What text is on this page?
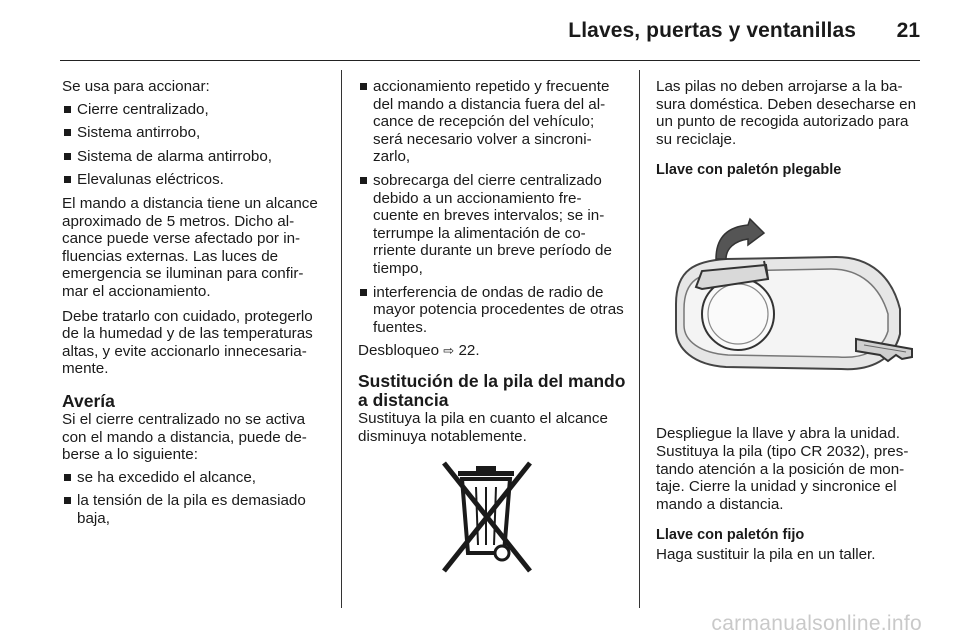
Llaves, puertas y ventanillas 21

Se usa para accionar:

Cierre centralizado,
Sistema antirrobo,
Sistema de alarma antirrobo,
Elevalunas eléctricos.

El mando a distancia tiene un alcance aproximado de 5 metros. Dicho al-cance puede verse afectado por in-fluencias externas. Las luces de emergencia se iluminan para confir-mar el accionamiento.

Debe tratarlo con cuidado, protegerlo de la humedad y de las temperaturas altas, y evite accionarlo innecesaria-mente.

Avería

Si el cierre centralizado no se activa con el mando a distancia, puede de-berse a lo siguiente:

se ha excedido el alcance,
la tensión de la pila es demasiado baja,
accionamiento repetido y frecuente del mando a distancia fuera del al-cance de recepción del vehículo; será necesario volver a sincroni-zarlo,
sobrecarga del cierre centralizado debido a un accionamiento fre-cuente en breves intervalos; se in-terrumpe la alimentación de co-rriente durante un breve período de tiempo,
interferencia de ondas de radio de mayor potencia procedentes de otras fuentes.

Desbloqueo ⇨ 22.

Sustitución de la pila del mando a distancia

Sustituya la pila en cuanto el alcance disminuya notablemente.

Las pilas no deben arrojarse a la ba-sura doméstica. Deben desecharse en un punto de recogida autorizado para su reciclaje.

Llave con paletón plegable

Despliegue la llave y abra la unidad. Sustituya la pila (tipo CR 2032), pres-tando atención a la posición de mon-taje. Cierre la unidad y sincronice el mando a distancia.

Llave con paletón fijo

Haga sustituir la pila en un taller.

carmanualsonline.info
